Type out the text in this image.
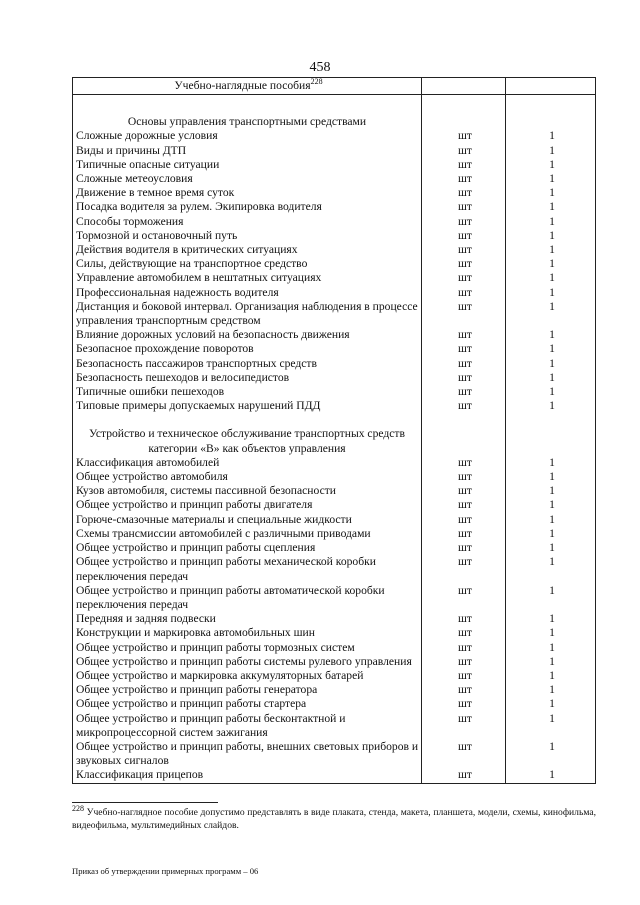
458
Учебно-наглядные пособия$^{228}$		
Основы управления транспортными средствами		
Сложные дорожные условия	шт	1
Виды и причины ДТП	шт	1
Типичные опасные ситуации	шт	1
Сложные метеоусловия	шт	1
Движение в темное время суток	шт	1
Посадка водителя за рулем. Экипировка водителя	шт	1
Способы торможения	шт	1
Тормозной и остановочный путь	шт	1
Действия водителя в критических ситуациях	шт	1
Силы, действующие на транспортное средство	шт	1
Управление автомобилем в нештатных ситуациях	шт	1
Профессиональная надежность водителя	шт	1
Дистанция и боковой интервал. Организация наблюдения в процессе управления транспортным средством	шт	1
Влияние дорожных условий на безопасность движения	шт	1
Безопасное прохождение поворотов	шт	1
Безопасность пассажиров транспортных средств	шт	1
Безопасность пешеходов и велосипедистов	шт	1
Типичные ошибки пешеходов	шт	1
Типовые примеры допускаемых нарушений ПДД	шт	1
Устройство и техническое обслуживание транспортных средств категории «В» как объектов управления		
Классификация автомобилей	шт	1
Общее устройство автомобиля	шт	1
Кузов автомобиля, системы пассивной безопасности	шт	1
Общее устройство и принцип работы двигателя	шт	1
Горюче-смазочные материалы и специальные жидкости	шт	1
Схемы трансмиссии автомобилей с различными приводами	шт	1
Общее устройство и принцип работы сцепления	шт	1
Общее устройство и принцип работы механической коробки переключения передач	шт	1
Общее устройство и принцип работы автоматической коробки переключения передач	шт	1
Передняя и задняя подвески	шт	1
Конструкции и маркировка автомобильных шин	шт	1
Общее устройство и принцип работы тормозных систем	шт	1
Общее устройство и принцип работы системы рулевого управления	шт	1
Общее устройство и маркировка аккумуляторных батарей	шт	1
Общее устройство и принцип работы генератора	шт	1
Общее устройство и принцип работы стартера	шт	1
Общее устройство и принцип работы бесконтактной и микропроцессорной систем зажигания	шт	1
Общее устройство и принцип работы, внешних световых приборов и звуковых сигналов	шт	1
Классификация прицепов	шт	1
$^{228}$ Учебно-наглядное пособие допустимо представлять в виде плаката, стенда, макета, планшета, модели, схемы, кинофильма, видеофильма, мультимедийных слайдов.
Приказ об утверждении примерных программ – 06
